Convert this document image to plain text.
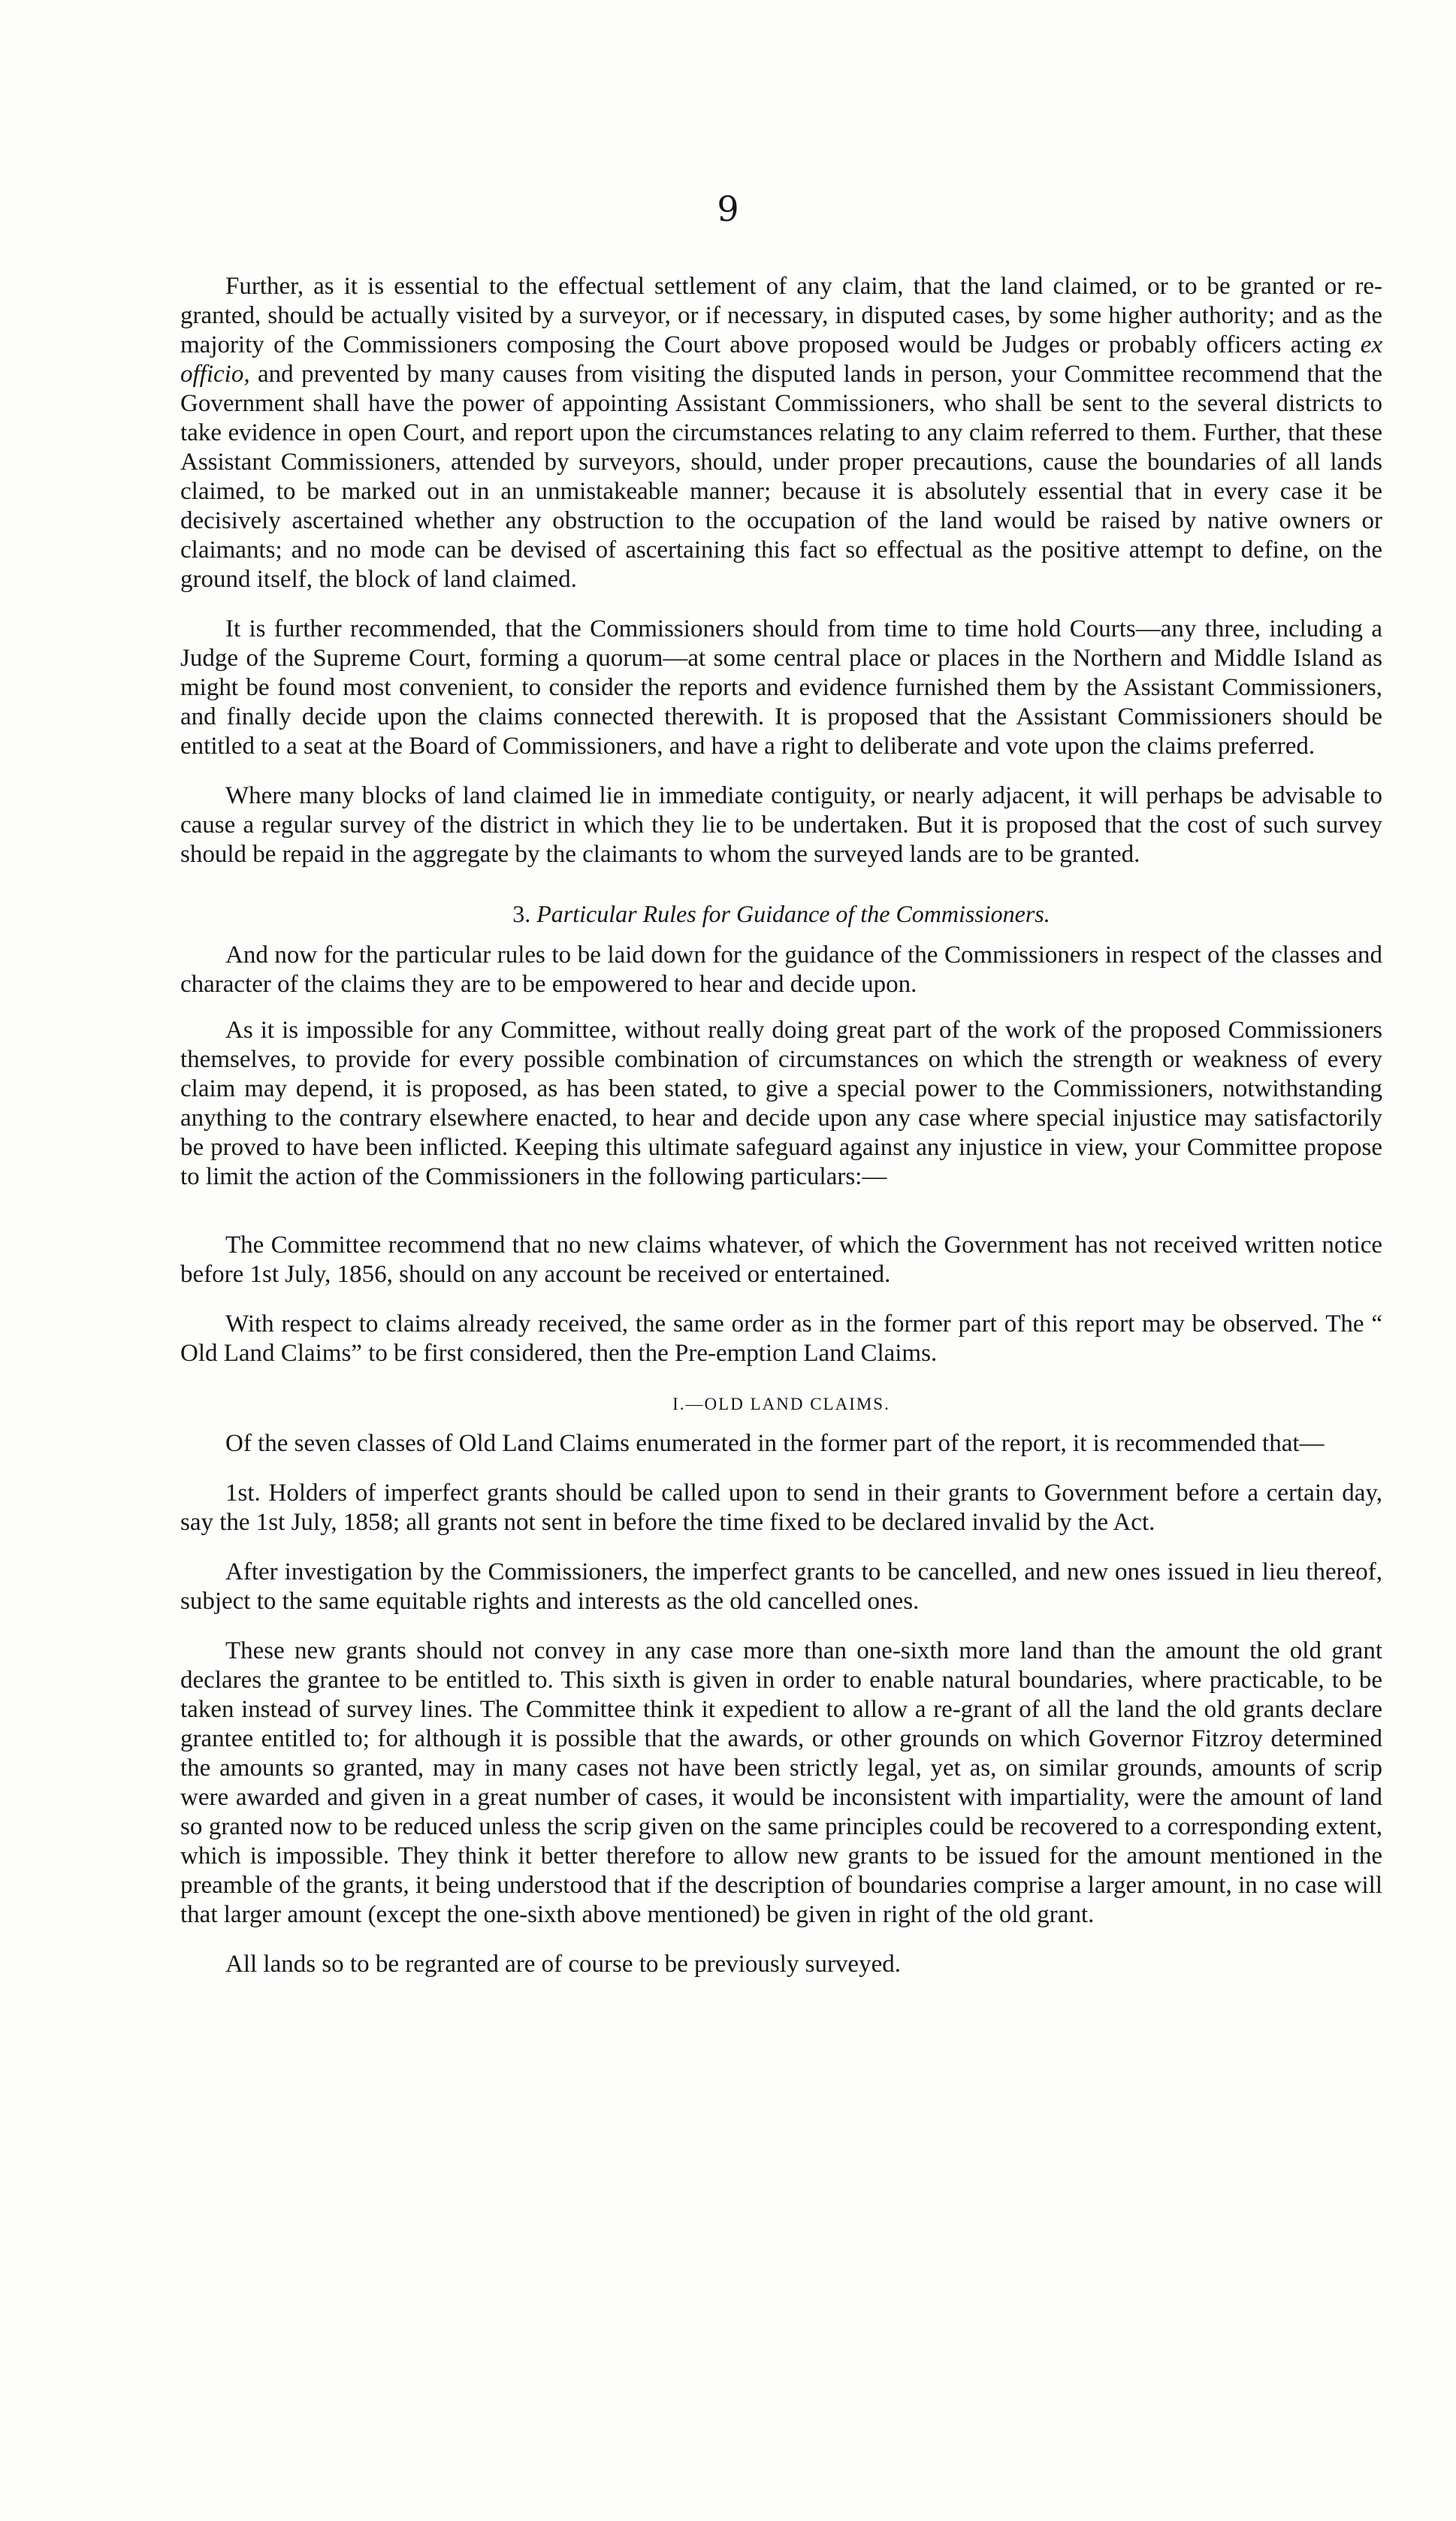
9

Further, as it is essential to the effectual settlement of any claim, that the land claimed, or to be granted or re-granted, should be actually visited by a surveyor, or if necessary, in disputed cases, by some higher authority; and as the majority of the Commissioners composing the Court above proposed would be Judges or probably officers acting ex officio, and prevented by many causes from visiting the disputed lands in person, your Committee recommend that the Government shall have the power of appointing Assistant Commissioners, who shall be sent to the several districts to take evidence in open Court, and report upon the circumstances relating to any claim referred to them. Further, that these Assistant Commissioners, attended by surveyors, should, under proper precautions, cause the boundaries of all lands claimed, to be marked out in an unmistakeable manner; because it is absolutely essential that in every case it be decisively ascertained whether any obstruction to the occupation of the land would be raised by native owners or claimants; and no mode can be devised of ascertaining this fact so effectual as the positive attempt to define, on the ground itself, the block of land claimed.

It is further recommended, that the Commissioners should from time to time hold Courts—any three, including a Judge of the Supreme Court, forming a quorum—at some central place or places in the Northern and Middle Island as might be found most convenient, to consider the reports and evidence furnished them by the Assistant Commissioners, and finally decide upon the claims connected therewith. It is proposed that the Assistant Commissioners should be entitled to a seat at the Board of Commissioners, and have a right to deliberate and vote upon the claims preferred.

Where many blocks of land claimed lie in immediate contiguity, or nearly adjacent, it will perhaps be advisable to cause a regular survey of the district in which they lie to be undertaken. But it is proposed that the cost of such survey should be repaid in the aggregate by the claimants to whom the surveyed lands are to be granted.

3. Particular Rules for Guidance of the Commissioners.

And now for the particular rules to be laid down for the guidance of the Commissioners in respect of the classes and character of the claims they are to be empowered to hear and decide upon.

As it is impossible for any Committee, without really doing great part of the work of the proposed Commissioners themselves, to provide for every possible combination of circumstances on which the strength or weakness of every claim may depend, it is proposed, as has been stated, to give a special power to the Commissioners, notwithstanding anything to the contrary elsewhere enacted, to hear and decide upon any case where special injustice may satisfactorily be proved to have been inflicted. Keeping this ultimate safeguard against any injustice in view, your Committee propose to limit the action of the Commissioners in the following particulars:—

The Committee recommend that no new claims whatever, of which the Government has not received written notice before 1st July, 1856, should on any account be received or entertained.

With respect to claims already received, the same order as in the former part of this report may be observed. The “ Old Land Claims” to be first considered, then the Pre-emption Land Claims.

I.—OLD LAND CLAIMS.

Of the seven classes of Old Land Claims enumerated in the former part of the report, it is recommended that—

1st. Holders of imperfect grants should be called upon to send in their grants to Government before a certain day, say the 1st July, 1858; all grants not sent in before the time fixed to be declared invalid by the Act.

After investigation by the Commissioners, the imperfect grants to be cancelled, and new ones issued in lieu thereof, subject to the same equitable rights and interests as the old cancelled ones.

These new grants should not convey in any case more than one-sixth more land than the amount the old grant declares the grantee to be entitled to. This sixth is given in order to enable natural boundaries, where practicable, to be taken instead of survey lines. The Committee think it expedient to allow a re-grant of all the land the old grants declare grantee entitled to; for although it is possible that the awards, or other grounds on which Governor Fitzroy determined the amounts so granted, may in many cases not have been strictly legal, yet as, on similar grounds, amounts of scrip were awarded and given in a great number of cases, it would be inconsistent with impartiality, were the amount of land so granted now to be reduced unless the scrip given on the same principles could be recovered to a corresponding extent, which is impossible. They think it better therefore to allow new grants to be issued for the amount mentioned in the preamble of the grants, it being understood that if the description of boundaries comprise a larger amount, in no case will that larger amount (except the one-sixth above mentioned) be given in right of the old grant.

All lands so to be regranted are of course to be previously surveyed.
